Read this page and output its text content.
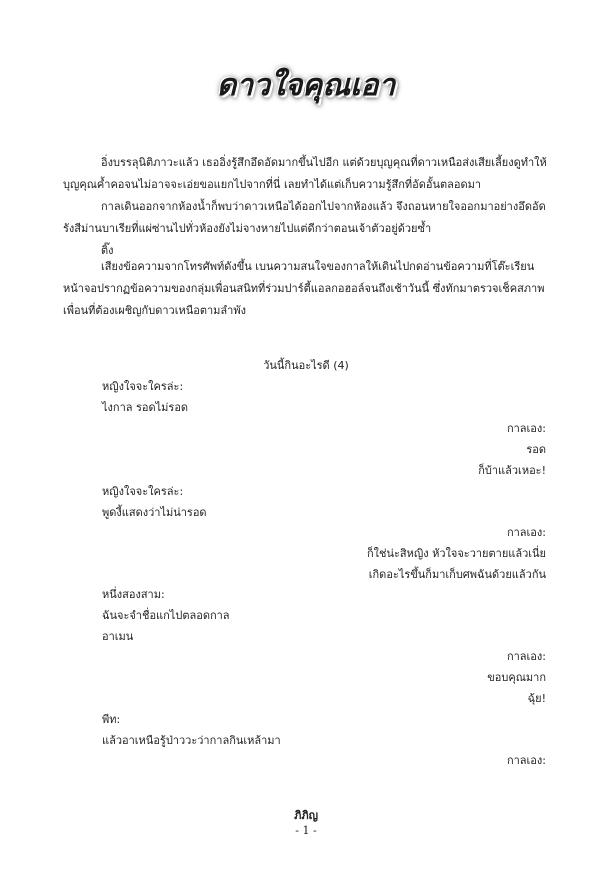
ดาวใจคุณเอา
อิ่งบรรลุนิติภาวะแล้ว เธออิ่งรู้สึกอึดอัดมากขึ้นไปอีก แต่ด้วยบุญคุณที่ดาวเหนือส่งเสียเลี้ยงดูทำให้บุญคุณค้ำคอจนไม่อาจจะเอ่ยขอแยกไปจากที่นี่ เลยทำได้แต่เก็บความรู้สึกที่อัดอั้นตลอดมา
กาลเดินออกจากห้องน้ำก็พบว่าดาวเหนือได้ออกไปจากห้องแล้ว จึงถอนหายใจออกมาอย่างอึดอัด รังสีม่านบาเรียที่แผ่ซ่านไปทั่วห้องยังไม่จางหายไปแต่ดีกว่าตอนเจ้าตัวอยู่ด้วยซ้ำ
ติ๊ง
เสียงข้อความจากโทรศัพท์ดังขึ้น เบนความสนใจของกาลให้เดินไปกดอ่านข้อความที่โต๊ะเรียน หน้าจอปรากฏข้อความของกลุ่มเพื่อนสนิทที่ร่วมปาร์ตี้แอลกอฮอล์จนถึงเช้าวันนี้ ซึ่งทักมาตรวจเช็คสภาพเพื่อนที่ต้องเผชิญกับดาวเหนือตามลำพัง
วันนี้กินอะไรดี (4)
หญิงใจจะใครล่ะ:
ไงกาล รอดไม่รอด
กาลเอง:
รอด
ก็บ้าแล้วเหอะ!
หญิงใจจะใครล่ะ:
พูดงี้แสดงว่าไม่น่ารอด
กาลเอง:
ก็ใช่น่ะสิหญิง หัวใจจะวายตายแล้วเนี่ย
เกิดอะไรขึ้นก็มาเก็บศพฉันด้วยแล้วกัน
หนึ่งสองสาม:
ฉันจะจำชื่อแกไปตลอดกาล
อาเมน
กาลเอง:
ขอบคุณมาก
ฉุ้ย!
พีท:
แล้วอาเหนือรู้ป่าววะว่ากาลกินเหล้ามา
กาลเอง:
ภิภิญ
- 1 -
